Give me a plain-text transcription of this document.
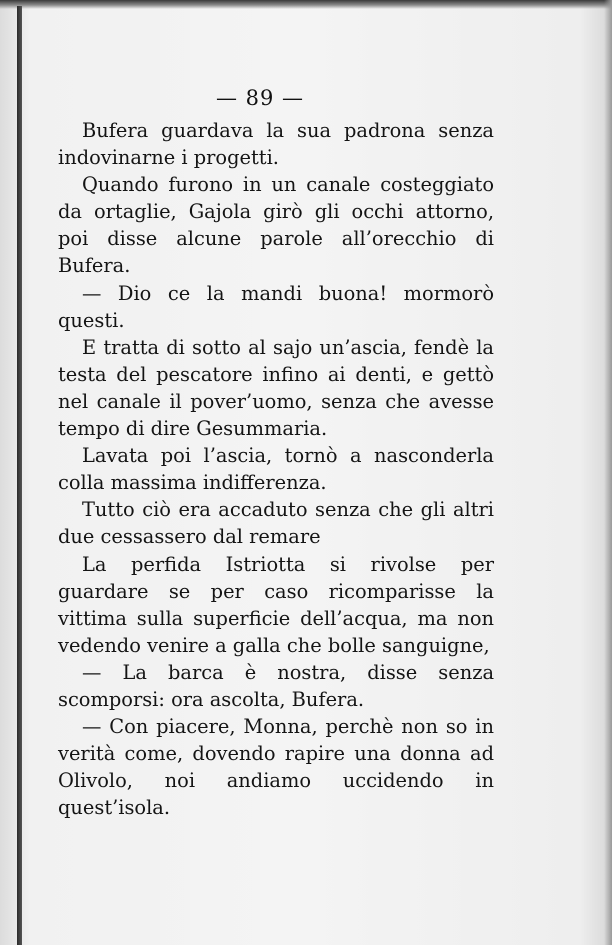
— 89 —

Bufera guardava la sua padrona senza indovinarne i progetti.

Quando furono in un canale costeggiato da ortaglie, Gajola girò gli occhi attorno, poi disse alcune parole all’orecchio di Bufera.

— Dio ce la mandi buona! mormorò questi.

E tratta di sotto al sajo un’ascia, fendè la testa del pescatore infino ai denti, e gettò nel canale il pover’uomo, senza che avesse tempo di dire Gesummaria.

Lavata poi l’ascia, tornò a nasconderla colla massima indifferenza.

Tutto ciò era accaduto senza che gli altri due cessassero dal remare

La perfida Istriotta si rivolse per guardare se per caso ricomparisse la vittima sulla superficie dell’acqua, ma non vedendo venire a galla che bolle sanguigne,

— La barca è nostra, disse senza scomporsi: ora ascolta, Bufera.

— Con piacere, Monna, perchè non so in verità come, dovendo rapire una donna ad Olivolo, noi andiamo uccidendo in quest’isola.
